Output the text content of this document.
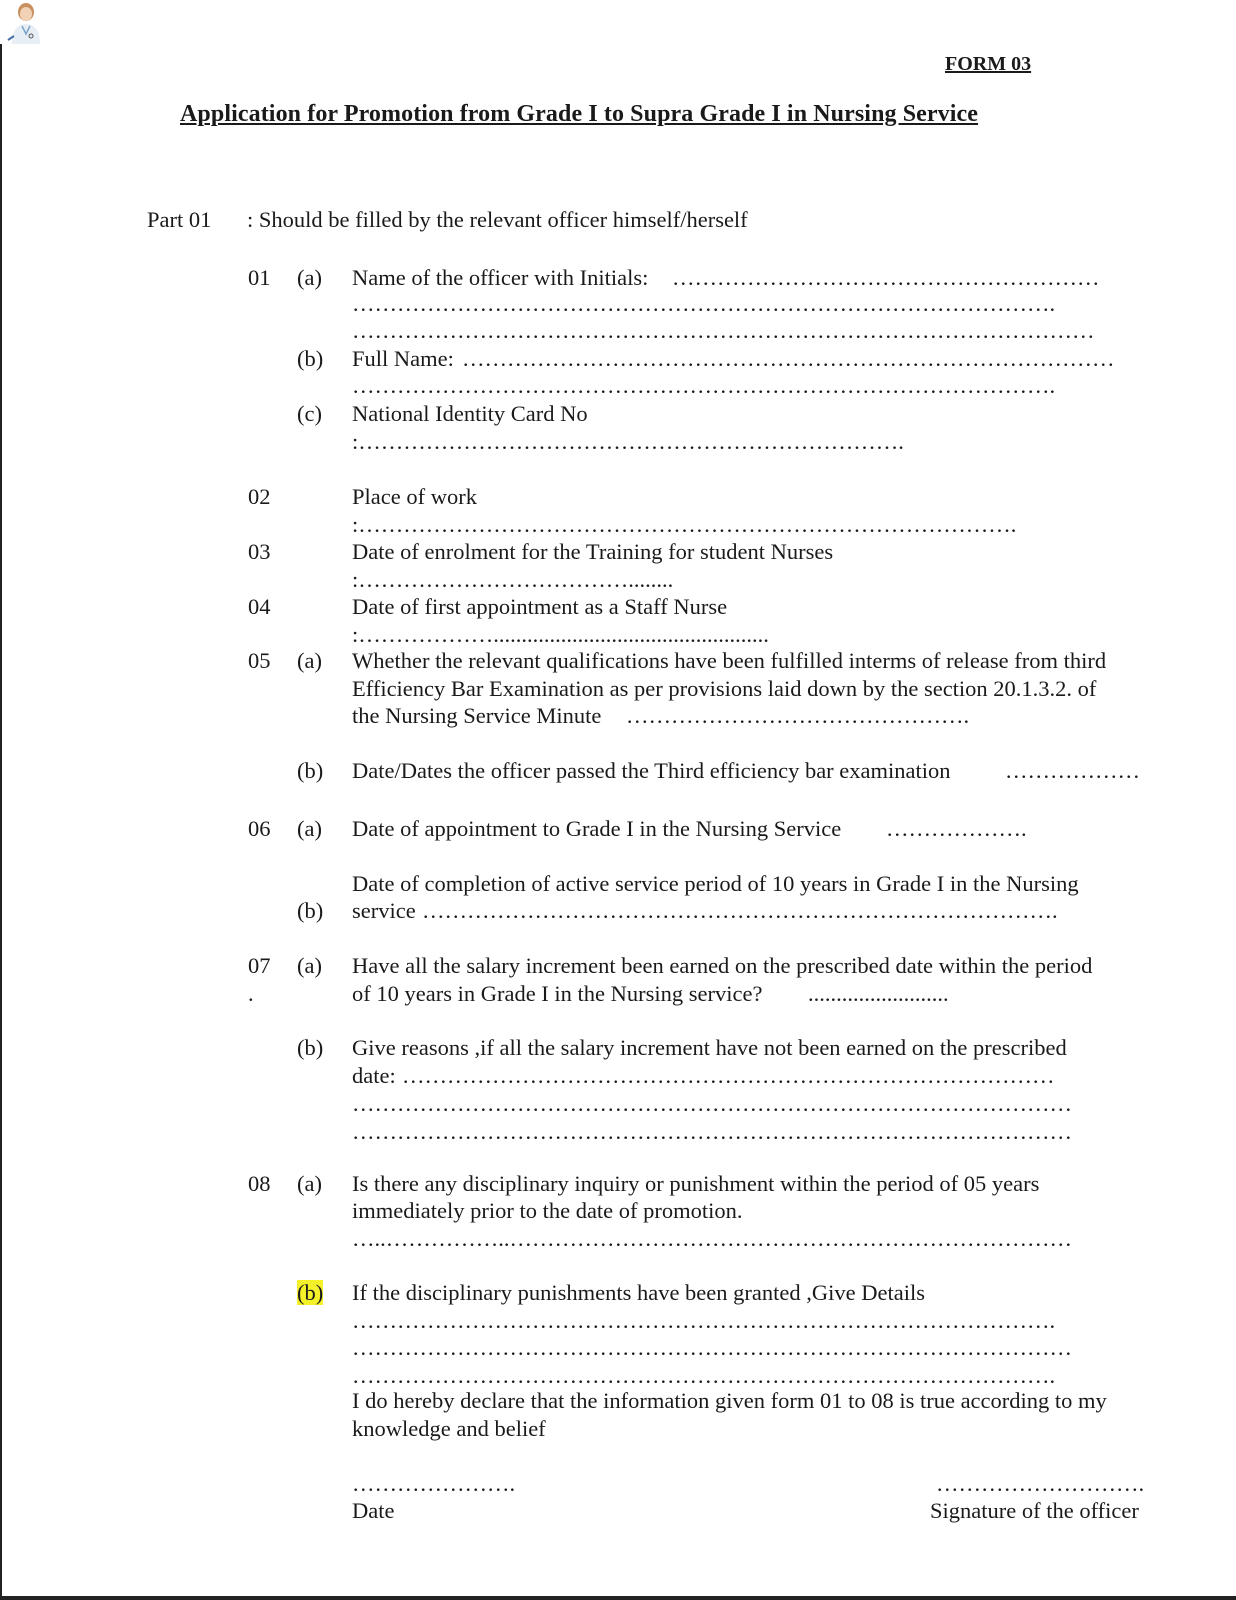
FORM 03
Application for Promotion from Grade I to Supra Grade I in Nursing Service
Part 01 : Should be filled by the relevant officer himself/herself
01 (a) Name of the officer with Initials: …………………………………………………
………………………………………………………………………………….
………………………………………………………………………………………
(b) Full Name: ……………………………………………………………………………
………………………………………………………………………………….
(c) National Identity Card No
:……………………………………………………………….
02	Place of work
:…………………………………………………………………………….
03	Date of enrolment for the Training for student Nurses
:………………………………........
04	Date of first appointment as a Staff Nurse
:……………….................................................
05 (a) Whether the relevant qualifications have been fulfilled interms of release from third
Efficiency Bar Examination as per provisions laid down by the section 20.1.3.2. of
the Nursing Service Minute ……………………………………….
(b) Date/Dates the officer passed the Third efficiency bar examination ………………
06 (a) Date of appointment to Grade I in the Nursing Service ……………….
Date of completion of active service period of 10 years in Grade I in the Nursing
(b) service ………………………………………………………………………….
07
.
(a) Have all the salary increment been earned on the prescribed date within the period
of 10 years in Grade I in the Nursing service? .........................
(b) Give reasons ,if all the salary increment have not been earned on the prescribed
date: ……………………………………………………………………………
……………………………………………………………………………………
……………………………………………………………………………………
08 (a) Is there any disciplinary inquiry or punishment within the period of 05 years
immediately prior to the date of promotion.
…..……………..…………………………………………………………………
(b) If the disciplinary punishments have been granted ,Give Details
………………………………………………………………………………….
……………………………………………………………………………………
………………………………………………………………………………….
I do hereby declare that the information given form 01 to 08 is true according to my
knowledge and belief
………………….
Date
……………………….
Signature of the officer
